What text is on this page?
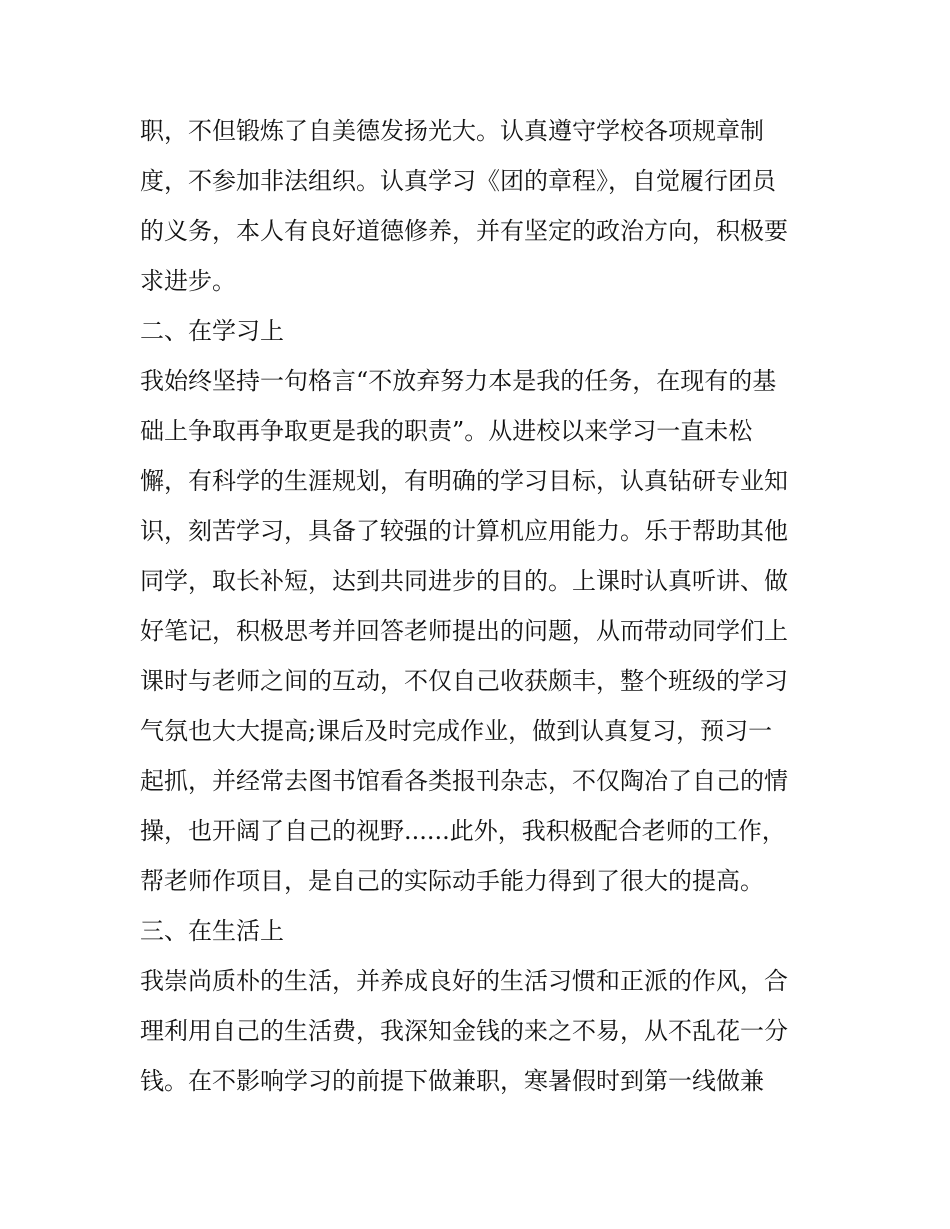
职，不但锻炼了自美德发扬光大。认真遵守学校各项规章制
度，不参加非法组织。认真学习《团的章程》，自觉履行团员
的义务，本人有良好道德修养，并有坚定的政治方向，积极要
求进步。
二、在学习上
我始终坚持一句格言“不放弃努力本是我的任务，在现有的基
础上争取再争取更是我的职责”。从进校以来学习一直未松
懈，有科学的生涯规划，有明确的学习目标，认真钻研专业知
识，刻苦学习，具备了较强的计算机应用能力。乐于帮助其他
同学，取长补短，达到共同进步的目的。上课时认真听讲、做
好笔记，积极思考并回答老师提出的问题，从而带动同学们上
课时与老师之间的互动，不仅自己收获颇丰，整个班级的学习
气氛也大大提高;课后及时完成作业，做到认真复习，预习一
起抓，并经常去图书馆看各类报刊杂志，不仅陶冶了自己的情
操，也开阔了自己的视野......此外，我积极配合老师的工作，
帮老师作项目，是自己的实际动手能力得到了很大的提高。
三、在生活上
我崇尚质朴的生活，并养成良好的生活习惯和正派的作风，合
理利用自己的生活费，我深知金钱的来之不易，从不乱花一分
钱。在不影响学习的前提下做兼职，寒暑假时到第一线做兼
